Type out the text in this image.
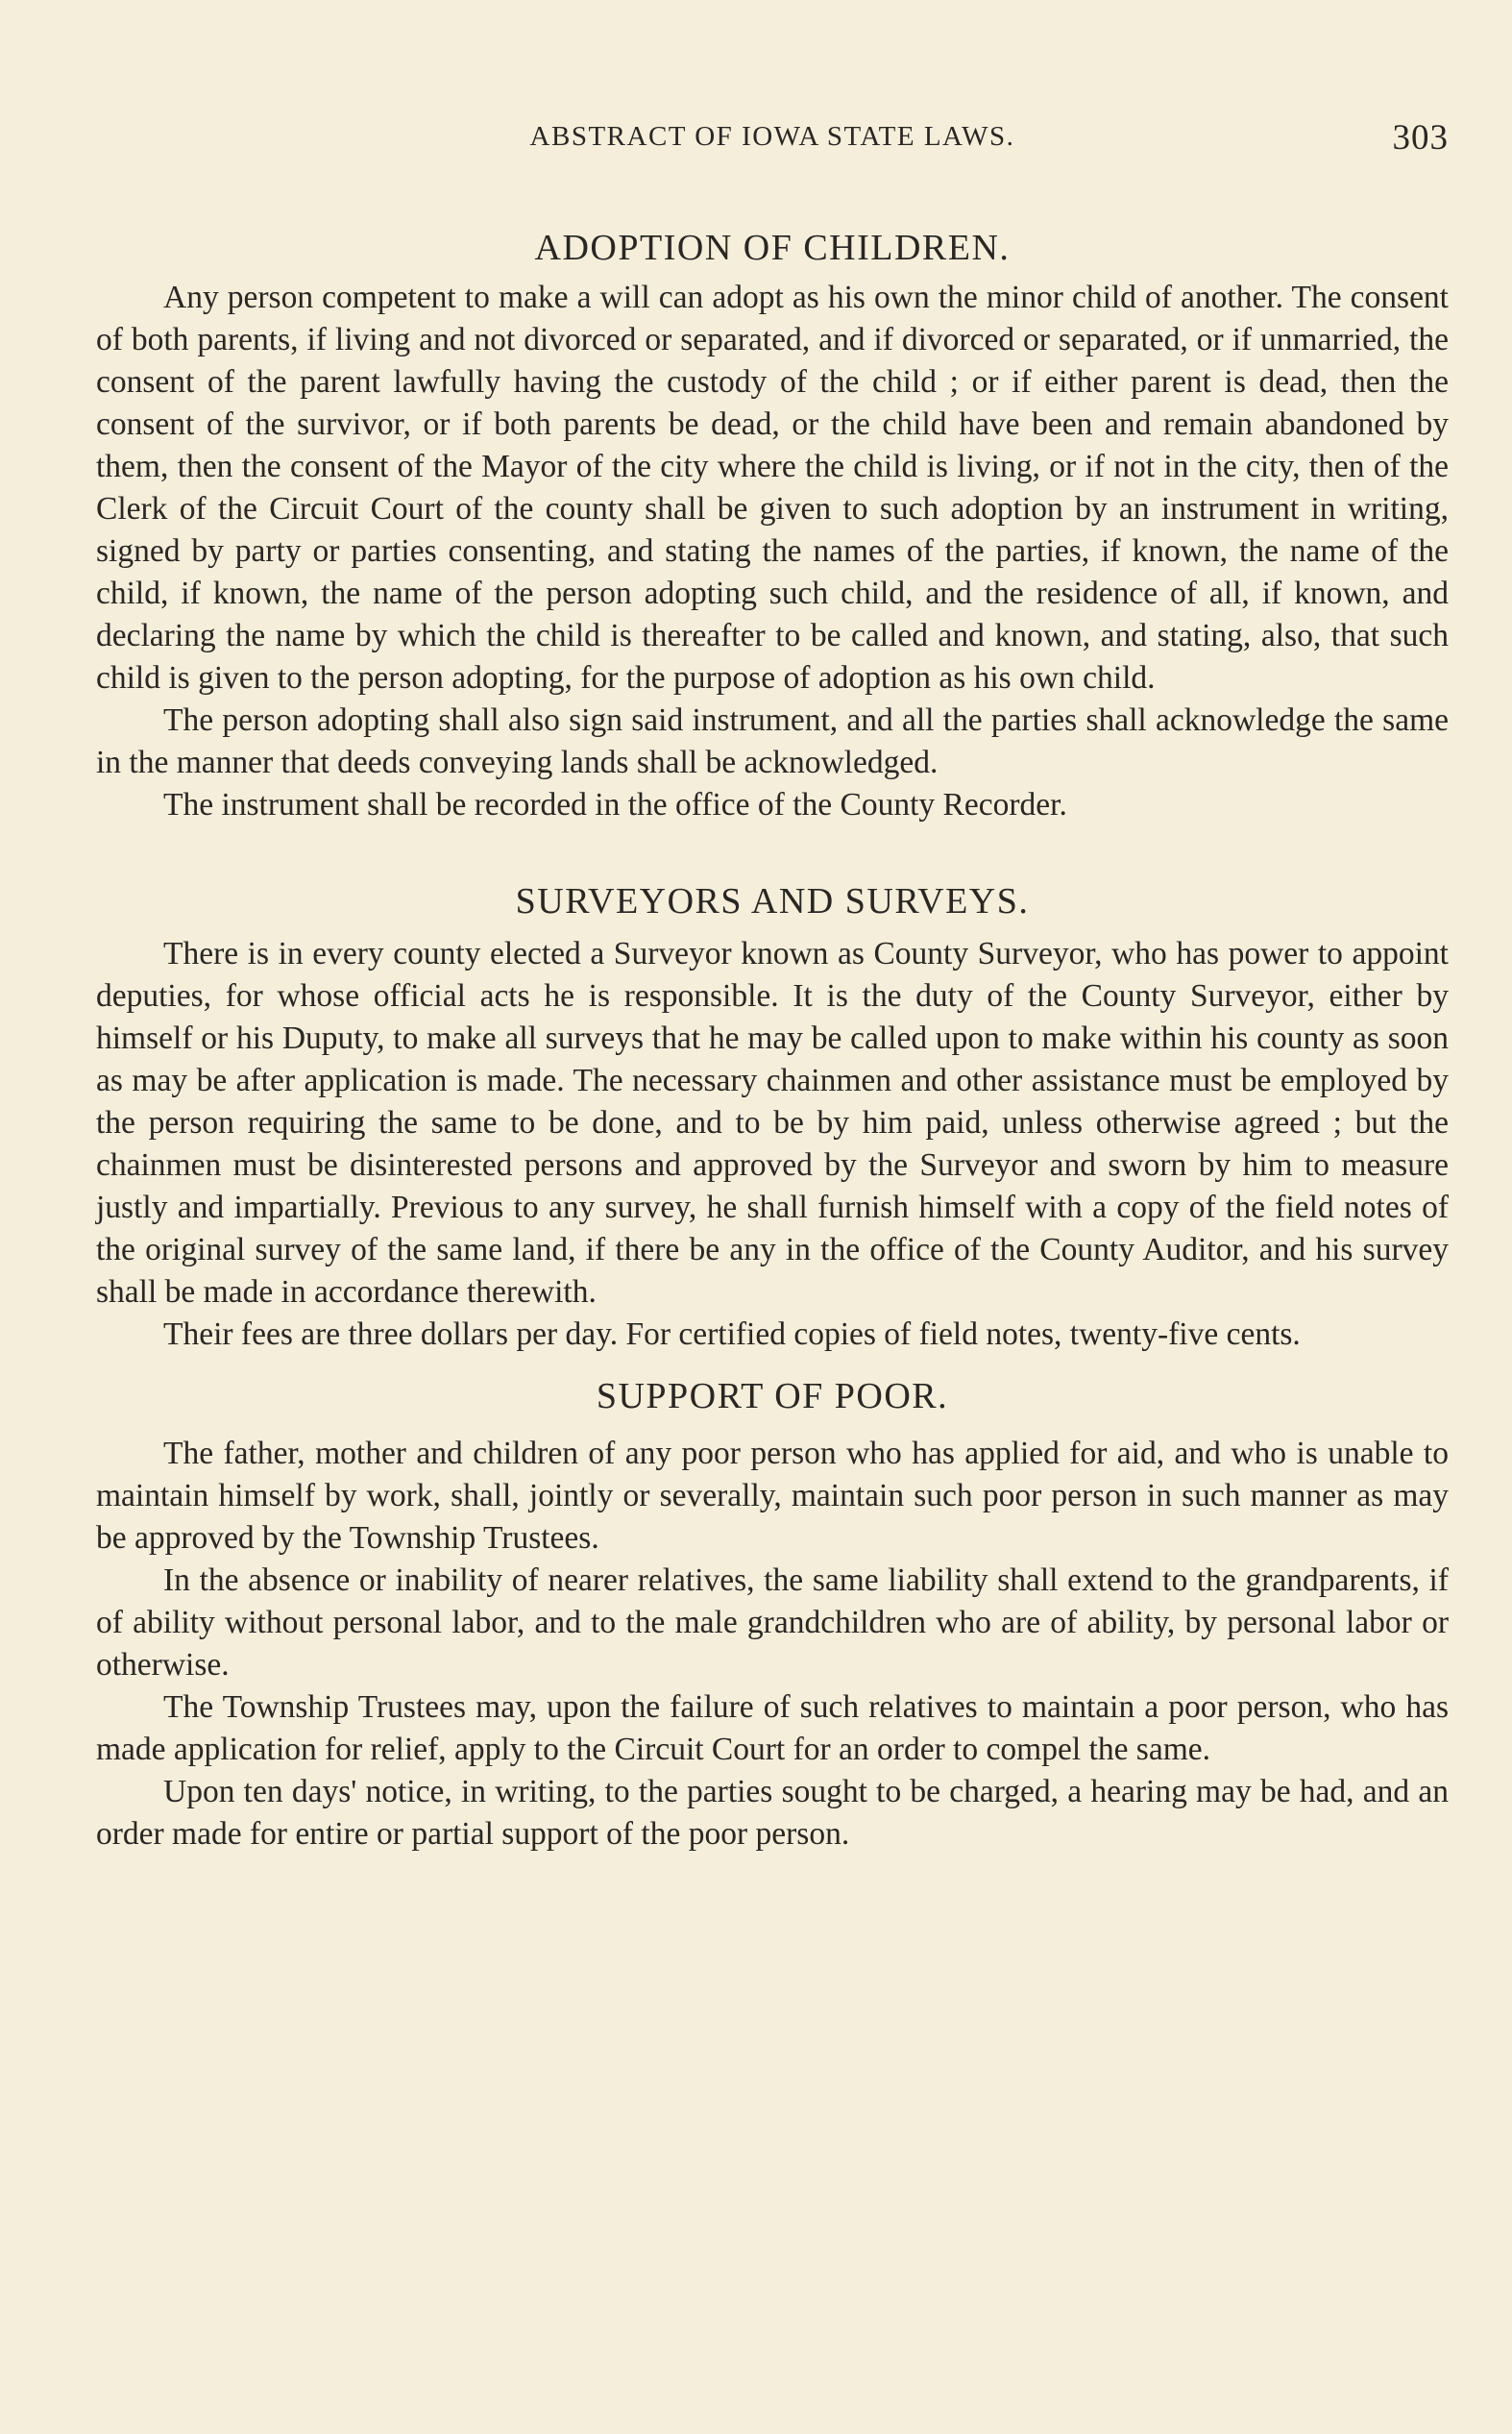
ABSTRACT OF IOWA STATE LAWS.	303
ADOPTION OF CHILDREN.

Any person competent to make a will can adopt as his own the minor child of another. The consent of both parents, if living and not divorced or separated, and if divorced or separated, or if unmarried, the consent of the parent lawfully having the custody of the child ; or if either parent is dead, then the consent of the survivor, or if both parents be dead, or the child have been and remain abandoned by them, then the consent of the Mayor of the city where the child is living, or if not in the city, then of the Clerk of the Circuit Court of the county shall be given to such adoption by an instrument in writing, signed by party or parties consenting, and stating the names of the parties, if known, the name of the child, if known, the name of the person adopting such child, and the residence of all, if known, and declaring the name by which the child is thereafter to be called and known, and stating, also, that such child is given to the person adopting, for the purpose of adoption as his own child.

The person adopting shall also sign said instrument, and all the parties shall acknowledge the same in the manner that deeds conveying lands shall be acknowledged.

The instrument shall be recorded in the office of the County Recorder.

SURVEYORS AND SURVEYS.

There is in every county elected a Surveyor known as County Surveyor, who has power to appoint deputies, for whose official acts he is responsible. It is the duty of the County Surveyor, either by himself or his Duputy, to make all surveys that he may be called upon to make within his county as soon as may be after application is made. The necessary chainmen and other assistance must be employed by the person requiring the same to be done, and to be by him paid, unless otherwise agreed ; but the chainmen must be disinterested persons and approved by the Surveyor and sworn by him to measure justly and impartially. Previous to any survey, he shall furnish himself with a copy of the field notes of the original survey of the same land, if there be any in the office of the County Auditor, and his survey shall be made in accordance therewith.

Their fees are three dollars per day. For certified copies of field notes, twenty-five cents.

SUPPORT OF POOR.

The father, mother and children of any poor person who has applied for aid, and who is unable to maintain himself by work, shall, jointly or severally, maintain such poor person in such manner as may be approved by the Township Trustees.

In the absence or inability of nearer relatives, the same liability shall extend to the grandparents, if of ability without personal labor, and to the male grandchildren who are of ability, by personal labor or otherwise.

The Township Trustees may, upon the failure of such relatives to maintain a poor person, who has made application for relief, apply to the Circuit Court for an order to compel the same.

Upon ten days' notice, in writing, to the parties sought to be charged, a hearing may be had, and an order made for entire or partial support of the poor person.
